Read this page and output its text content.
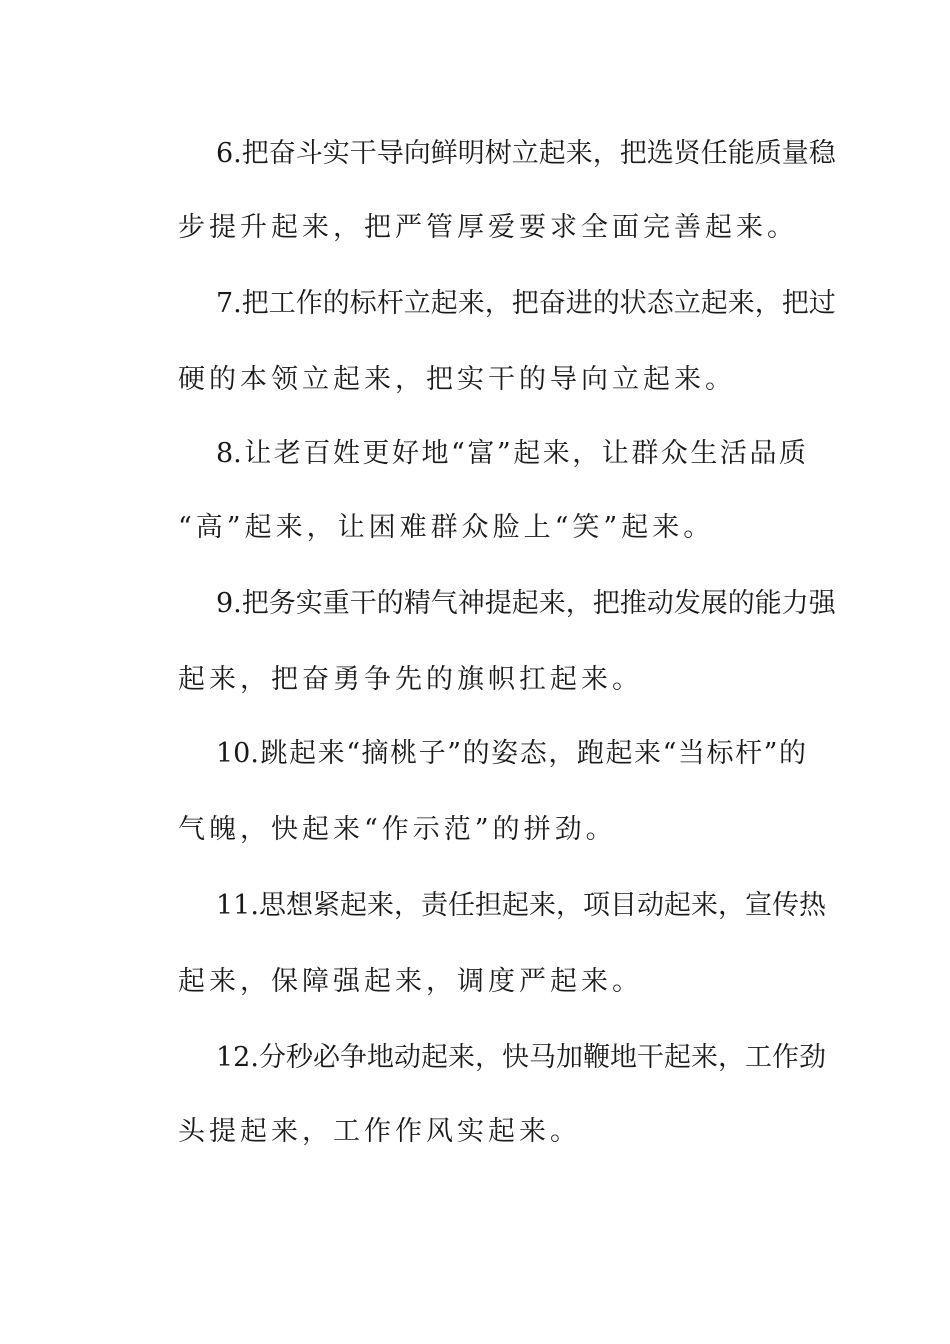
6.把奋斗实干导向鲜明树立起来，把选贤任能质量稳
步提升起来，把严管厚爱要求全面完善起来。
7.把工作的标杆立起来，把奋进的状态立起来，把过
硬的本领立起来，把实干的导向立起来。
8.让老百姓更好地“富”起来，让群众生活品质
“高”起来，让困难群众脸上“笑”起来。
9.把务实重干的精气神提起来，把推动发展的能力强
起来，把奋勇争先的旗帜扛起来。
10.跳起来“摘桃子”的姿态，跑起来“当标杆”的
气魄，快起来“作示范”的拼劲。
11.思想紧起来，责任担起来，项目动起来，宣传热
起来，保障强起来，调度严起来。
12.分秒必争地动起来，快马加鞭地干起来，工作劲
头提起来，工作作风实起来。
